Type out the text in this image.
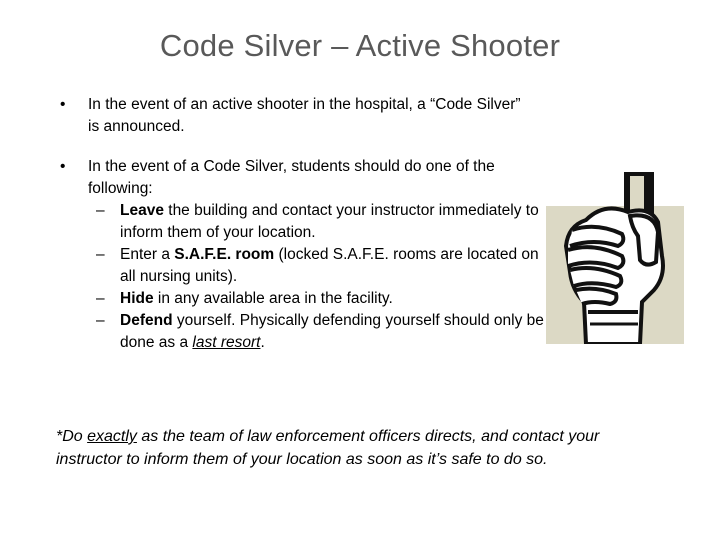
Code Silver – Active Shooter
•	In the event of an active shooter in the hospital, a “Code Silver” is announced.
•	In the event of a Code Silver, students should do one of the following:
– Leave the building and contact your instructor immediately to inform them of your location.
– Enter a S.A.F.E. room (locked S.A.F.E. rooms are located on all nursing units).
– Hide in any available area in the facility.
– Defend yourself. Physically defending yourself should only be done as a last resort.
*Do exactly as the team of law enforcement officers directs, and contact your instructor to inform them of your location as soon as it’s safe to do so.
